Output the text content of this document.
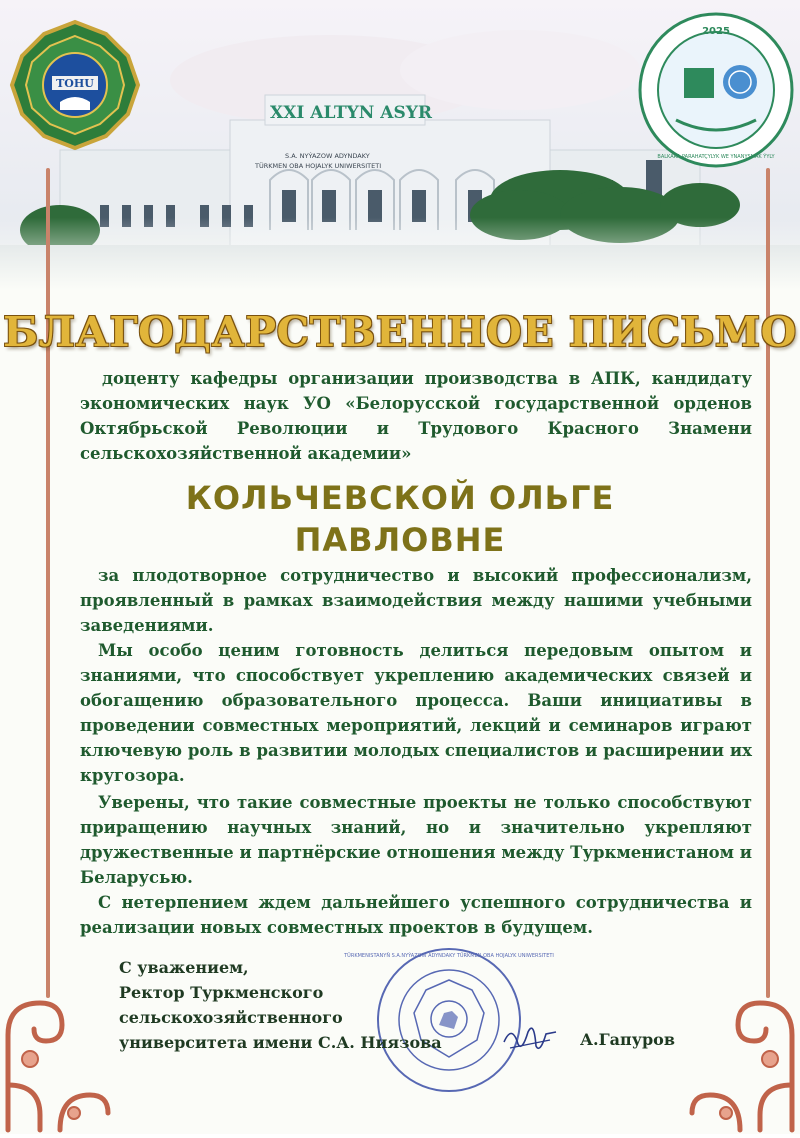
XXI ALTYN ASYR
S.A. NYÝAZOW ADYNDAKY
TÜRKMEN OBA HOJALYK UNIWERSITETI
TOHU
2025
BALKARA PARAHATÇYLYK WE YNANYŞMAK ÝYLY
БЛАГОДАРСТВЕННОЕ ПИСЬМО
доценту кафедры организации производства в АПК, кандидату экономических наук УО «Белорусской государственной орденов Октябрьской Революции и Трудового Красного Знамени сельскохозяйственной академии»
КОЛЬЧЕВСКОЙ ОЛЬГЕ
ПАВЛОВНЕ
за плодотворное сотрудничество и высокий профессионализм, проявленный в рамках взаимодействия между нашими учебными заведениями.
Мы особо ценим готовность делиться передовым опытом и знаниями, что способствует укреплению академических связей и обогащению образовательного процесса. Ваши инициативы в проведении совместных мероприятий, лекций и семинаров играют ключевую роль в развитии молодых специалистов и расширении их кругозора.
Уверены, что такие совместные проекты не только способствуют приращению научных знаний, но и значительно укрепляют дружественные и партнёрские отношения между Туркменистаном и Беларусью.
С нетерпением ждем дальнейшего успешного сотрудничества и реализации новых совместных проектов в будущем.
TÜRKMENISTANYŇ S.A.NYÝAZOW ADYNDAKY TÜRKMEN OBA HOJALYK UNIWERSITETI
С уважением,
Ректор Туркменского
сельскохозяйственного
университета имени С.А. Ниязова	А.Гапуров
